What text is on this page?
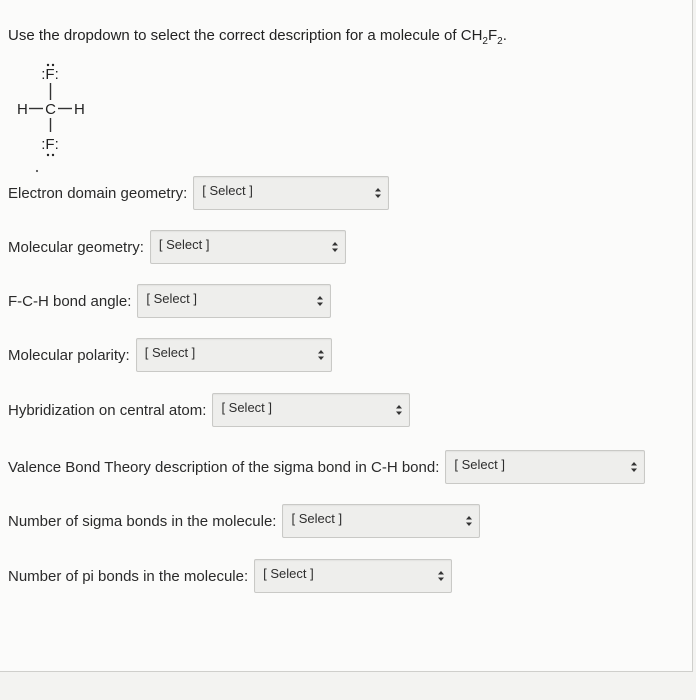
Use the dropdown to select the correct description for a molecule of $CH_2F_2$.
:F:
H C H
:F:
Electron domain geometry: [ Select ]
Molecular geometry: [ Select ]
F-C-H bond angle: [ Select ]
Molecular polarity: [ Select ]
Hybridization on central atom: [ Select ]
Valence Bond Theory description of the sigma bond in C-H bond: [ Select ]
Number of sigma bonds in the molecule: [ Select ]
Number of pi bonds in the molecule: [ Select ]
